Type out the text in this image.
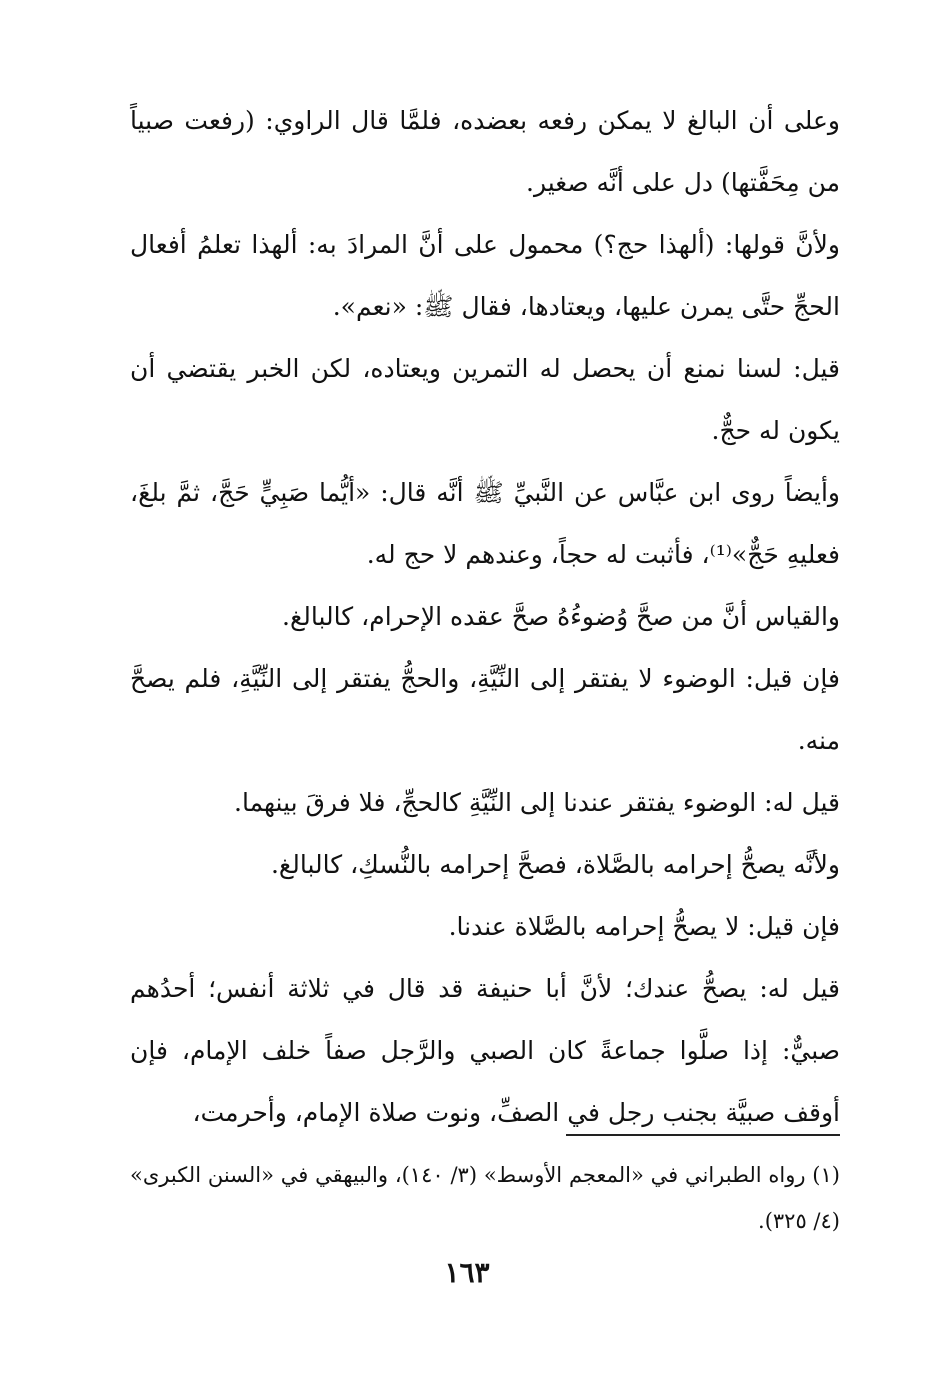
وعلى أن البالغ لا يمكن رفعه بعضده، فلمَّا قال الراوي: (رفعت صبياً من مِحَفَّتها) دل على أنَّه صغير.

ولأنَّ قولها: (ألهذا حج؟) محمول على أنَّ المرادَ به: ألهذا تعلمُ أفعال الحجِّ حتَّى يمرن عليها، ويعتادها، فقال ﷺ: «نعم».

قيل: لسنا نمنع أن يحصل له التمرين ويعتاده، لكن الخبر يقتضي أن يكون له حجٌّ.

وأيضاً روى ابن عبَّاس عن النَّبيِّ ﷺ أنَّه قال: «أيُّما صَبِيٍّ حَجَّ، ثمَّ بلغَ، فعليهِ حَجٌّ»⁽¹⁾، فأثبت له حجاً، وعندهم لا حج له.

والقياس أنَّ من صحَّ وُضوءُهُ صحَّ عقده الإحرام، كالبالغ.

فإن قيل: الوضوء لا يفتقر إلى النِّيَّةِ، والحجُّ يفتقر إلى النِّيَّةِ، فلم يصحَّ منه.

قيل له: الوضوء يفتقر عندنا إلى النِّيَّةِ كالحجِّ، فلا فرقَ بينهما.

ولأنَّه يصحُّ إحرامه بالصَّلاة، فصحَّ إحرامه بالنُّسكِ، كالبالغ.

فإن قيل: لا يصحُّ إحرامه بالصَّلاة عندنا.

قيل له: يصحُّ عندك؛ لأنَّ أبا حنيفة قد قال في ثلاثة أنفس؛ أحدُهم صبيٌّ: إذا صلَّوا جماعةً كان الصبي والرَّجل صفاً خلف الإمام، فإن أوقف صبيَّة بجنب رجل في الصفِّ، ونوت صلاة الإمام، وأحرمت،

(١) رواه الطبراني في «المعجم الأوسط» (٣/ ١٤٠)، والبيهقي في «السنن الكبرى» (٤/ ٣٢٥).

١٦٣
